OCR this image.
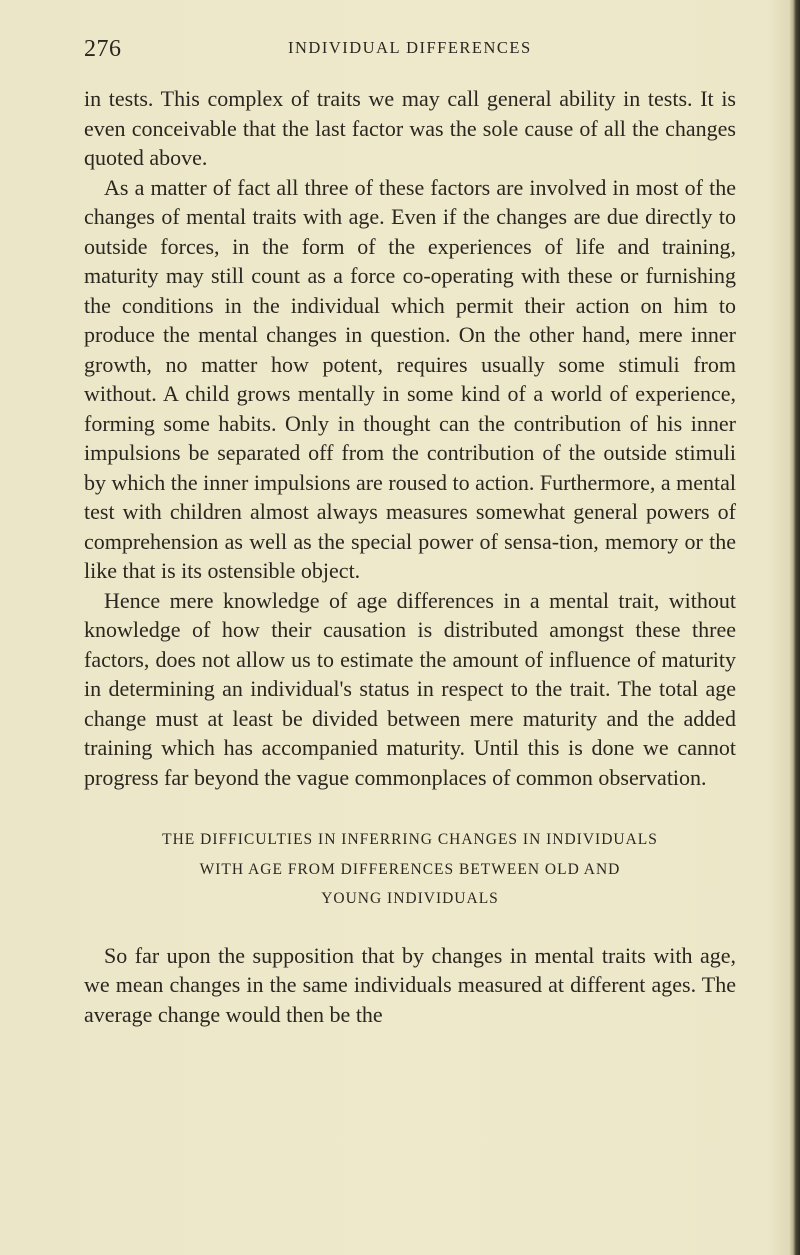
276	INDIVIDUAL DIFFERENCES

in tests. This complex of traits we may call general ability in tests. It is even conceivable that the last factor was the sole cause of all the changes quoted above.

As a matter of fact all three of these factors are involved in most of the changes of mental traits with age. Even if the changes are due directly to outside forces, in the form of the experiences of life and training, maturity may still count as a force co-operating with these or furnishing the conditions in the individual which permit their action on him to produce the mental changes in question. On the other hand, mere inner growth, no matter how potent, requires usually some stimuli from without. A child grows mentally in some kind of a world of experience, forming some habits. Only in thought can the contribution of his inner impulsions be separated off from the contribution of the outside stimuli by which the inner impulsions are roused to action. Furthermore, a mental test with children almost always measures somewhat general powers of comprehension as well as the special power of sensa-tion, memory or the like that is its ostensible object.

Hence mere knowledge of age differences in a mental trait, without knowledge of how their causation is distributed amongst these three factors, does not allow us to estimate the amount of influence of maturity in determining an individual's status in respect to the trait. The total age change must at least be divided between mere maturity and the added training which has accompanied maturity. Until this is done we cannot progress far beyond the vague commonplaces of common observation.

THE DIFFICULTIES IN INFERRING CHANGES IN INDIVIDUALS
WITH AGE FROM DIFFERENCES BETWEEN OLD AND
YOUNG INDIVIDUALS

So far upon the supposition that by changes in mental traits with age, we mean changes in the same individuals measured at different ages. The average change would then be the
